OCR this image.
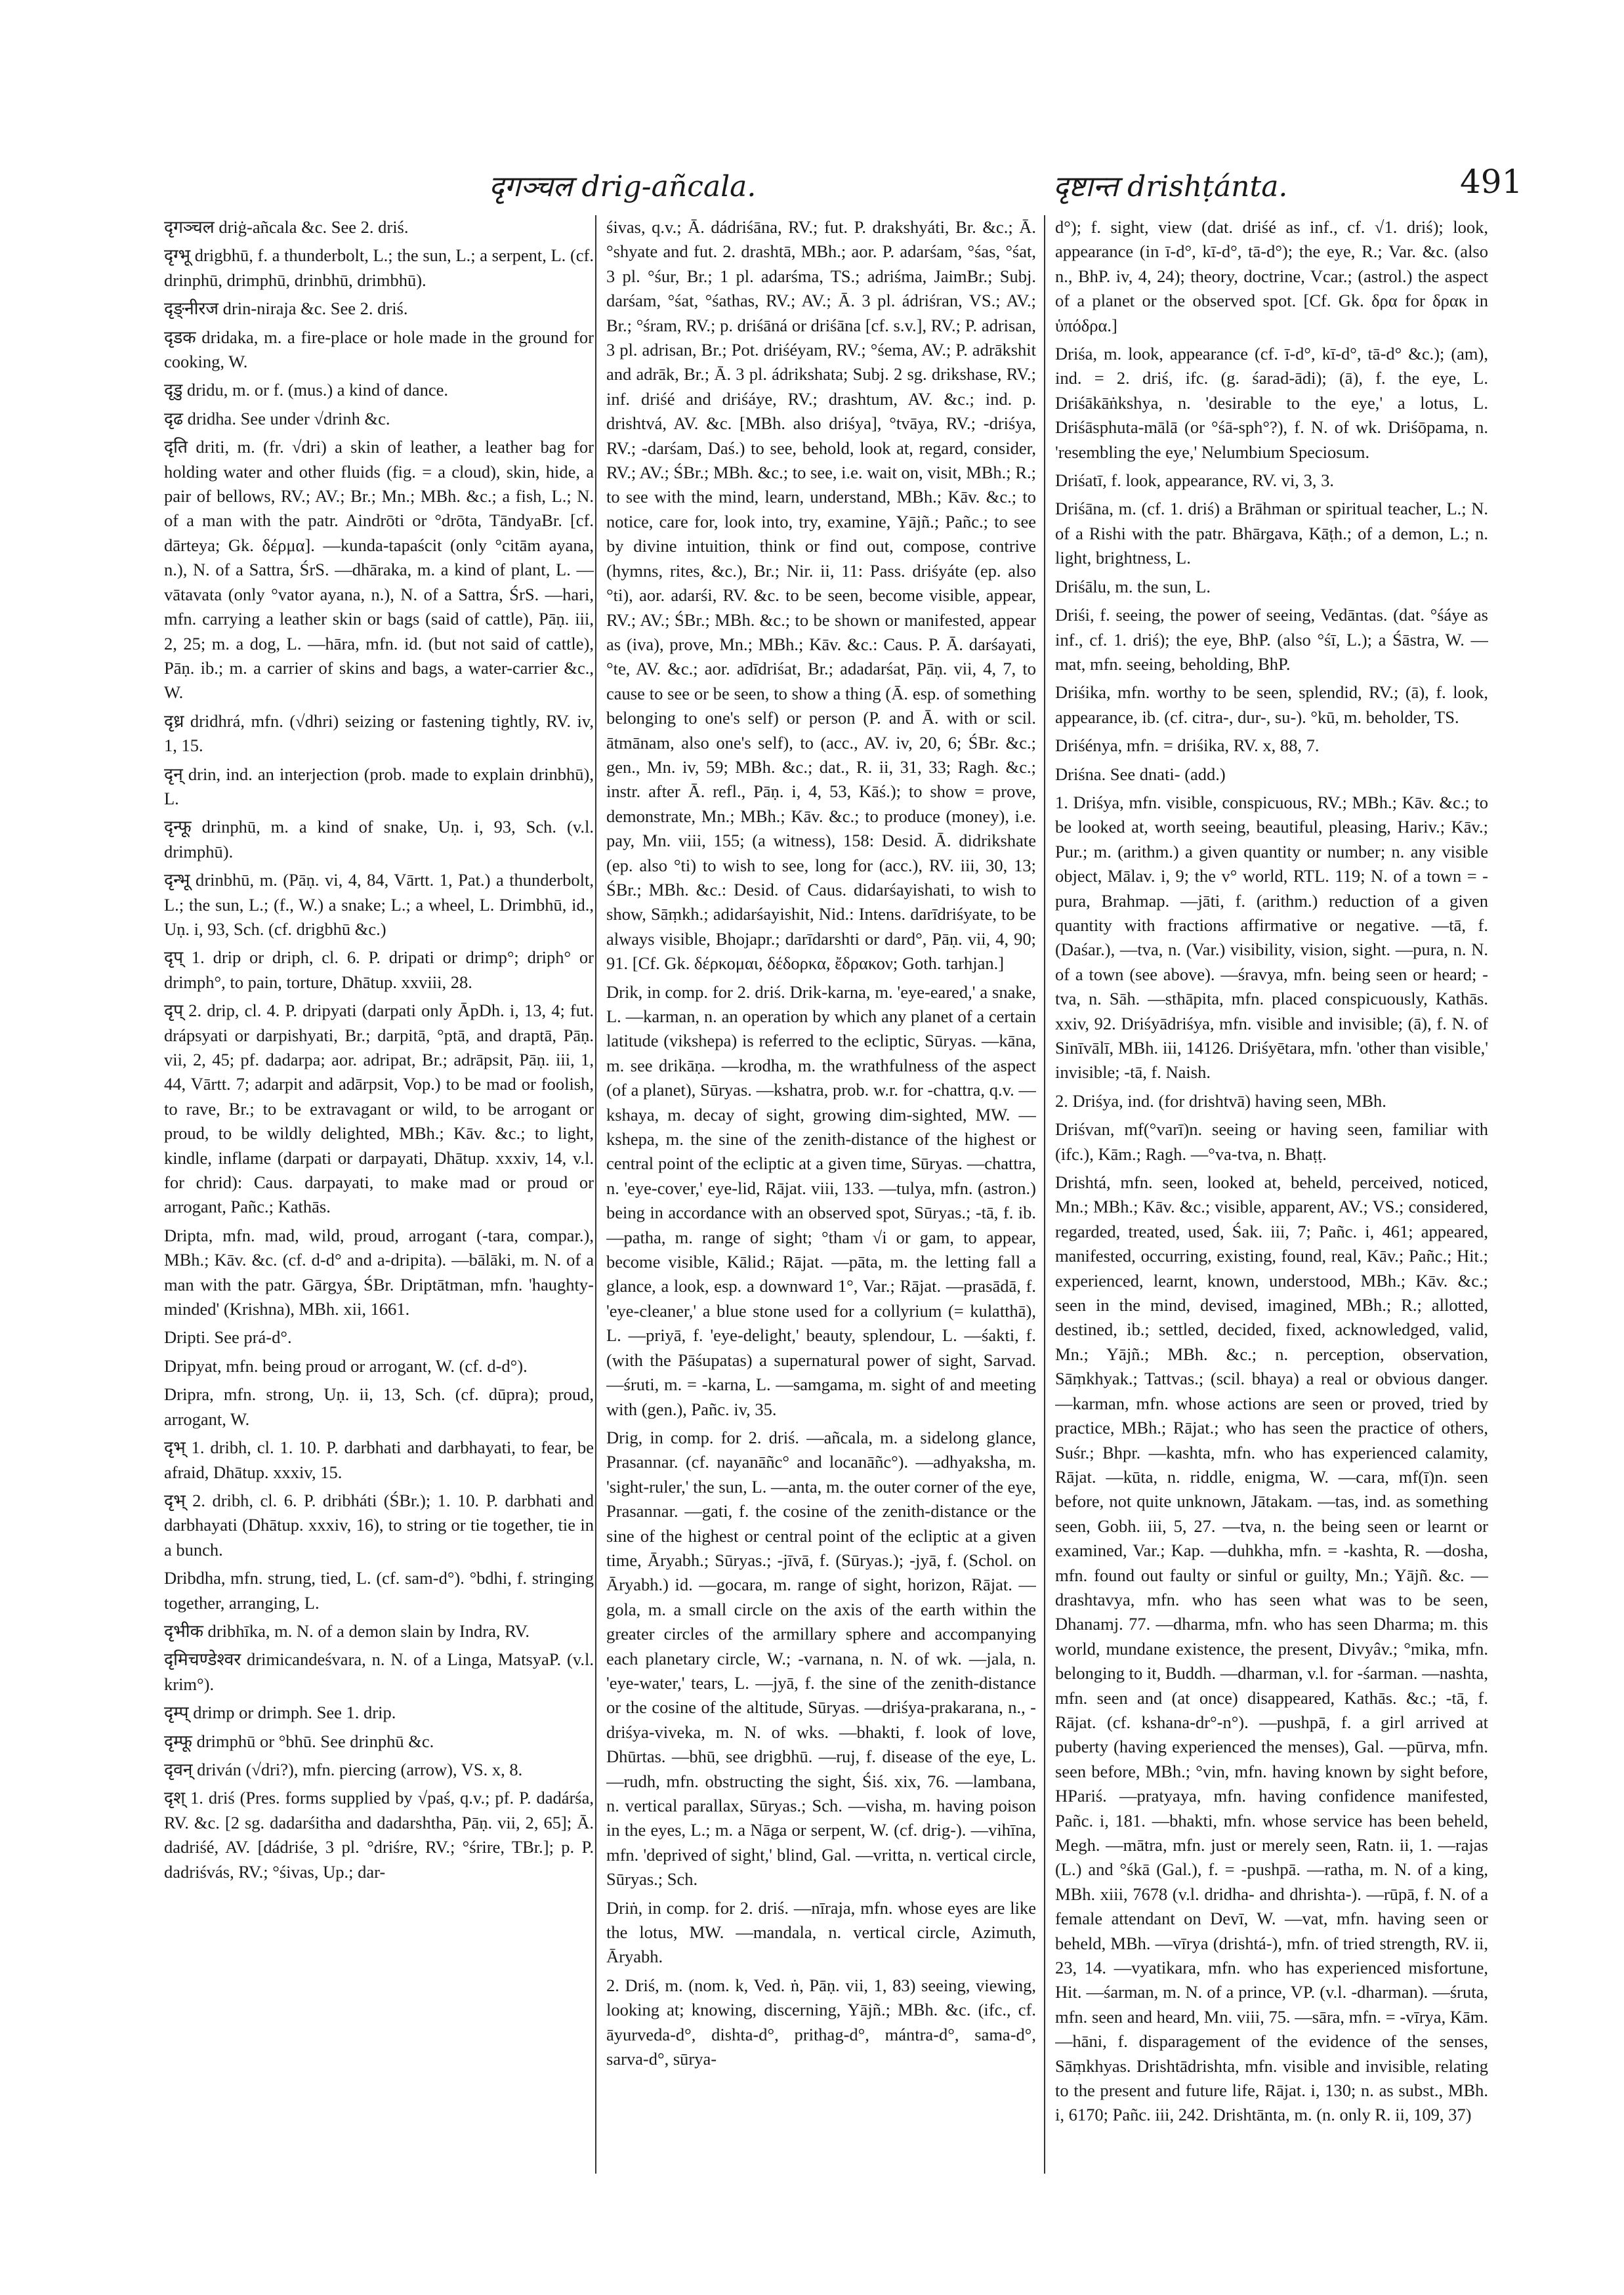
दृगञ्चल drig-añcala.	दृष्टान्त drishṭánta.	491

दृगञ्चल driġ-añcala &c. See 2. driś.

दृग्भू drigbhū, f. a thunderbolt, L.; the sun, L.; a serpent, L. (cf. drinphū, drimphū, drinbhū, drimbhū).

दृङ्नीरज drin-niraja &c. See 2. driś.

दृडक dridaka, m. a fire-place or hole made in the ground for cooking, W.

दृडु dridu, m. or f. (mus.) a kind of dance.

दृढ dridha. See under √drinh &c.

दृति driti, m. (fr. √dri) a skin of leather, a leather bag for holding water and other fluids (fig. = a cloud), skin, hide, a pair of bellows, RV.; AV.; Br.; Mn.; MBh. &c.; a fish, L.; N. of a man with the patr. Aindrōti or °drōta, TāndyaBr. [cf. dārteya; Gk. δέρμα]. —kunda-tapaścit (only °citām ayana, n.), N. of a Sattra, ŚrS. —dhāraka, m. a kind of plant, L. —vātavata (only °vator ayana, n.), N. of a Sattra, ŚrS. —hari, mfn. carrying a leather skin or bags (said of cattle), Pāṇ. iii, 2, 25; m. a dog, L. —hāra, mfn. id. (but not said of cattle), Pāṇ. ib.; m. a carrier of skins and bags, a water-carrier &c., W.

दृध्र dridhrá, mfn. (√dhri) seizing or fastening tightly, RV. iv, 1, 15.

दृन् drin, ind. an interjection (prob. made to explain drinbhū), L.

दृन्फू drinphū, m. a kind of snake, Uṇ. i, 93, Sch. (v.l. drimphū).

दृन्भू drinbhū, m. (Pāṇ. vi, 4, 84, Vārtt. 1, Pat.) a thunderbolt, L.; the sun, L.; (f., W.) a snake; L.; a wheel, L. Drimbhū, id., Uṇ. i, 93, Sch. (cf. drigbhū &c.)

दृप् 1. drip or driph, cl. 6. P. dripati or drimp°; driph° or drimph°, to pain, torture, Dhātup. xxviii, 28.

दृप् 2. drip, cl. 4. P. dripyati (darpati only ĀpDh. i, 13, 4; fut. drápsyati or darpishyati, Br.; darpitā, °ptā, and draptā, Pāṇ. vii, 2, 45; pf. dadarpa; aor. adripat, Br.; adrāpsit, Pāṇ. iii, 1, 44, Vārtt. 7; adarpit and adārpsit, Vop.) to be mad or foolish, to rave, Br.; to be extravagant or wild, to be arrogant or proud, to be wildly delighted, MBh.; Kāv. &c.; to light, kindle, inflame (darpati or darpayati, Dhātup. xxxiv, 14, v.l. for chrid): Caus. darpayati, to make mad or proud or arrogant, Pañc.; Kathās.

Dripta, mfn. mad, wild, proud, arrogant (-tara, compar.), MBh.; Kāv. &c. (cf. d-d° and a-dripita). —bālāki, m. N. of a man with the patr. Gārgya, ŚBr. Driptātman, mfn. 'haughty-minded' (Krishna), MBh. xii, 1661.

Dripti. See prá-d°.

Dripyat, mfn. being proud or arrogant, W. (cf. d-d°).

Dripra, mfn. strong, Uṇ. ii, 13, Sch. (cf. dūpra); proud, arrogant, W.

दृभ् 1. dribh, cl. 1. 10. P. darbhati and darbhayati, to fear, be afraid, Dhātup. xxxiv, 15.

दृभ् 2. dribh, cl. 6. P. dribháti (ŚBr.); 1. 10. P. darbhati and darbhayati (Dhātup. xxxiv, 16), to string or tie together, tie in a bunch.

Dribdha, mfn. strung, tied, L. (cf. sam-d°). °bdhi, f. stringing together, arranging, L.

दृभीक dribhīka, m. N. of a demon slain by Indra, RV.

दृमिचण्डेश्वर drimicandeśvara, n. N. of a Linga, MatsyaP. (v.l. krim°).

दृम्प् drimp or drimph. See 1. drip.

दृम्फू drimphū or °bhū. See drinphū &c.

दृवन् driván (√dri?), mfn. piercing (arrow), VS. x, 8.

दृश् 1. driś (Pres. forms supplied by √paś, q.v.; pf. P. dadárśa, RV. &c. [2 sg. dadarśitha and dadarshtha, Pāṇ. vii, 2, 65]; Ā. dadriśé, AV. [dádriśe, 3 pl. °driśre, RV.; °śrire, TBr.]; p. P. dadriśvás, RV.; °śivas, Up.; dar-

śivas, q.v.; Ā. dádriśāna, RV.; fut. P. drakshyáti, Br. &c.; Ā. °shyate and fut. 2. drashtā, MBh.; aor. P. adarśam, °śas, °śat, 3 pl. °śur, Br.; 1 pl. adarśma, TS.; adriśma, JaimBr.; Subj. darśam, °śat, °śathas, RV.; AV.; Ā. 3 pl. ádriśran, VS.; AV.; Br.; °śram, RV.; p. driśāná or driśāna [cf. s.v.], RV.; P. adrisan, 3 pl. adrisan, Br.; Pot. driśéyam, RV.; °śema, AV.; P. adrākshit and adrāk, Br.; Ā. 3 pl. ádrikshata; Subj. 2 sg. drikshase, RV.; inf. driśé and driśáye, RV.; drashtum, AV. &c.; ind. p. drishtvá, AV. &c. [MBh. also driśya], °tvāya, RV.; -driśya, RV.; -darśam, Daś.) to see, behold, look at, regard, consider, RV.; AV.; ŚBr.; MBh. &c.; to see, i.e. wait on, visit, MBh.; R.; to see with the mind, learn, understand, MBh.; Kāv. &c.; to notice, care for, look into, try, examine, Yājñ.; Pañc.; to see by divine intuition, think or find out, compose, contrive (hymns, rites, &c.), Br.; Nir. ii, 11: Pass. driśyáte (ep. also °ti), aor. adarśi, RV. &c. to be seen, become visible, appear, RV.; AV.; ŚBr.; MBh. &c.; to be shown or manifested, appear as (iva), prove, Mn.; MBh.; Kāv. &c.: Caus. P. Ā. darśayati, °te, AV. &c.; aor. adīdriśat, Br.; adadarśat, Pāṇ. vii, 4, 7, to cause to see or be seen, to show a thing (Ā. esp. of something belonging to one's self) or person (P. and Ā. with or scil. ātmānam, also one's self), to (acc., AV. iv, 20, 6; ŚBr. &c.; gen., Mn. iv, 59; MBh. &c.; dat., R. ii, 31, 33; Ragh. &c.; instr. after Ā. refl., Pāṇ. i, 4, 53, Kāś.); to show = prove, demonstrate, Mn.; MBh.; Kāv. &c.; to produce (money), i.e. pay, Mn. viii, 155; (a witness), 158: Desid. Ā. didrikshate (ep. also °ti) to wish to see, long for (acc.), RV. iii, 30, 13; ŚBr.; MBh. &c.: Desid. of Caus. didarśayishati, to wish to show, Sāṃkh.; adidarśayishit, Nid.: Intens. darīdriśyate, to be always visible, Bhojapr.; darīdarshti or dard°, Pāṇ. vii, 4, 90; 91. [Cf. Gk. δέρκομαι, δέδορκα, ἔδρακον; Goth. tarhjan.]

Drik, in comp. for 2. driś. Drik-karna, m. 'eye-eared,' a snake, L. —karman, n. an operation by which any planet of a certain latitude (vikshepa) is referred to the ecliptic, Sūryas. —kāna, m. see drikāṇa. —krodha, m. the wrathfulness of the aspect (of a planet), Sūryas. —kshatra, prob. w.r. for -chattra, q.v. —kshaya, m. decay of sight, growing dim-sighted, MW. —kshepa, m. the sine of the zenith-distance of the highest or central point of the ecliptic at a given time, Sūryas. —chattra, n. 'eye-cover,' eye-lid, Rājat. viii, 133. —tulya, mfn. (astron.) being in accordance with an observed spot, Sūryas.; -tā, f. ib. —patha, m. range of sight; °tham √i or gam, to appear, become visible, Kālid.; Rājat. —pāta, m. the letting fall a glance, a look, esp. a downward 1°, Var.; Rājat. —prasādā, f. 'eye-cleaner,' a blue stone used for a collyrium (= kulatthā), L. —priyā, f. 'eye-delight,' beauty, splendour, L. —śakti, f. (with the Pāśupatas) a supernatural power of sight, Sarvad. —śruti, m. = -karna, L. —samgama, m. sight of and meeting with (gen.), Pañc. iv, 35.

Drig, in comp. for 2. driś. —añcala, m. a sidelong glance, Prasannar. (cf. nayanāñc° and locanāñc°). —adhyaksha, m. 'sight-ruler,' the sun, L. —anta, m. the outer corner of the eye, Prasannar. —gati, f. the cosine of the zenith-distance or the sine of the highest or central point of the ecliptic at a given time, Āryabh.; Sūryas.; -jīvā, f. (Sūryas.); -jyā, f. (Schol. on Āryabh.) id. —gocara, m. range of sight, horizon, Rājat. —gola, m. a small circle on the axis of the earth within the greater circles of the armillary sphere and accompanying each planetary circle, W.; -varnana, n. N. of wk. —jala, n. 'eye-water,' tears, L. —jyā, f. the sine of the zenith-distance or the cosine of the altitude, Sūryas. —driśya-prakarana, n., -driśya-viveka, m. N. of wks. —bhakti, f. look of love, Dhūrtas. —bhū, see drigbhū. —ruj, f. disease of the eye, L. —rudh, mfn. obstructing the sight, Śiś. xix, 76. —lambana, n. vertical parallax, Sūryas.; Sch. —visha, m. having poison in the eyes, L.; m. a Nāga or serpent, W. (cf. drig-). —vihīna, mfn. 'deprived of sight,' blind, Gal. —vritta, n. vertical circle, Sūryas.; Sch.

Driṅ, in comp. for 2. driś. —nīraja, mfn. whose eyes are like the lotus, MW. —mandala, n. vertical circle, Azimuth, Āryabh.

2. Driś, m. (nom. k, Ved. ṅ, Pāṇ. vii, 1, 83) seeing, viewing, looking at; knowing, discerning, Yājñ.; MBh. &c. (ifc., cf. āyurveda-d°, dishta-d°, prithag-d°, mántra-d°, sama-d°, sarva-d°, sūrya-

d°); f. sight, view (dat. driśé as inf., cf. √1. driś); look, appearance (in ī-d°, kī-d°, tā-d°); the eye, R.; Var. &c. (also n., BhP. iv, 4, 24); theory, doctrine, Vcar.; (astrol.) the aspect of a planet or the observed spot. [Cf. Gk. δρα for δρακ in ὑπόδρα.]

Driśa, m. look, appearance (cf. ī-d°, kī-d°, tā-d° &c.); (am), ind. = 2. driś, ifc. (g. śarad-ādi); (ā), f. the eye, L. Driśākāṅkshya, n. 'desirable to the eye,' a lotus, L. Driśāsphuta-mālā (or °śā-sph°?), f. N. of wk. Driśōpama, n. 'resembling the eye,' Nelumbium Speciosum.

Driśatī, f. look, appearance, RV. vi, 3, 3.

Driśāna, m. (cf. 1. driś) a Brāhman or spiritual teacher, L.; N. of a Rishi with the patr. Bhārgava, Kāṭh.; of a demon, L.; n. light, brightness, L.

Driśālu, m. the sun, L.

Driśi, f. seeing, the power of seeing, Vedāntas. (dat. °śáye as inf., cf. 1. driś); the eye, BhP. (also °śī, L.); a Śāstra, W. —mat, mfn. seeing, beholding, BhP.

Driśika, mfn. worthy to be seen, splendid, RV.; (ā), f. look, appearance, ib. (cf. citra-, dur-, su-). °kū, m. beholder, TS.

Driśénya, mfn. = driśika, RV. x, 88, 7.

Driśna. See dnati- (add.)

1. Driśya, mfn. visible, conspicuous, RV.; MBh.; Kāv. &c.; to be looked at, worth seeing, beautiful, pleasing, Hariv.; Kāv.; Pur.; m. (arithm.) a given quantity or number; n. any visible object, Mālav. i, 9; the v° world, RTL. 119; N. of a town = -pura, Brahmap. —jāti, f. (arithm.) reduction of a given quantity with fractions affirmative or negative. —tā, f. (Daśar.), —tva, n. (Var.) visibility, vision, sight. —pura, n. N. of a town (see above). —śravya, mfn. being seen or heard; -tva, n. Sāh. —sthāpita, mfn. placed conspicuously, Kathās. xxiv, 92. Driśyādriśya, mfn. visible and invisible; (ā), f. N. of Sinīvālī, MBh. iii, 14126. Driśyētara, mfn. 'other than visible,' invisible; -tā, f. Naish.

2. Driśya, ind. (for drishtvā) having seen, MBh.

Driśvan, mf(°varī)n. seeing or having seen, familiar with (ifc.), Kām.; Ragh. —°va-tva, n. Bhaṭṭ.

Drishtá, mfn. seen, looked at, beheld, perceived, noticed, Mn.; MBh.; Kāv. &c.; visible, apparent, AV.; VS.; considered, regarded, treated, used, Śak. iii, 7; Pañc. i, 461; appeared, manifested, occurring, existing, found, real, Kāv.; Pañc.; Hit.; experienced, learnt, known, understood, MBh.; Kāv. &c.; seen in the mind, devised, imagined, MBh.; R.; allotted, destined, ib.; settled, decided, fixed, acknowledged, valid, Mn.; Yājñ.; MBh. &c.; n. perception, observation, Sāṃkhyak.; Tattvas.; (scil. bhaya) a real or obvious danger. —karman, mfn. whose actions are seen or proved, tried by practice, MBh.; Rājat.; who has seen the practice of others, Suśr.; Bhpr. —kashta, mfn. who has experienced calamity, Rājat. —kūta, n. riddle, enigma, W. —cara, mf(ī)n. seen before, not quite unknown, Jātakam. —tas, ind. as something seen, Gobh. iii, 5, 27. —tva, n. the being seen or learnt or examined, Var.; Kap. —duhkha, mfn. = -kashta, R. —dosha, mfn. found out faulty or sinful or guilty, Mn.; Yājñ. &c. —drashtavya, mfn. who has seen what was to be seen, Dhanamj. 77. —dharma, mfn. who has seen Dharma; m. this world, mundane existence, the present, Divyâv.; °mika, mfn. belonging to it, Buddh. —dharman, v.l. for -śarman. —nashta, mfn. seen and (at once) disappeared, Kathās. &c.; -tā, f. Rājat. (cf. kshana-dr°-n°). —pushpā, f. a girl arrived at puberty (having experienced the menses), Gal. —pūrva, mfn. seen before, MBh.; °vin, mfn. having known by sight before, HPariś. —pratyaya, mfn. having confidence manifested, Pañc. i, 181. —bhakti, mfn. whose service has been beheld, Megh. —mātra, mfn. just or merely seen, Ratn. ii, 1. —rajas (L.) and °śkā (Gal.), f. = -pushpā. —ratha, m. N. of a king, MBh. xiii, 7678 (v.l. dridha- and dhrishta-). —rūpā, f. N. of a female attendant on Devī, W. —vat, mfn. having seen or beheld, MBh. —vīrya (drishtá-), mfn. of tried strength, RV. ii, 23, 14. —vyatikara, mfn. who has experienced misfortune, Hit. —śarman, m. N. of a prince, VP. (v.l. -dharman). —śruta, mfn. seen and heard, Mn. viii, 75. —sāra, mfn. = -vīrya, Kām. —hāni, f. disparagement of the evidence of the senses, Sāṃkhyas. Drishtādrishta, mfn. visible and invisible, relating to the present and future life, Rājat. i, 130; n. as subst., MBh. i, 6170; Pañc. iii, 242. Drishtānta, m. (n. only R. ii, 109, 37)
